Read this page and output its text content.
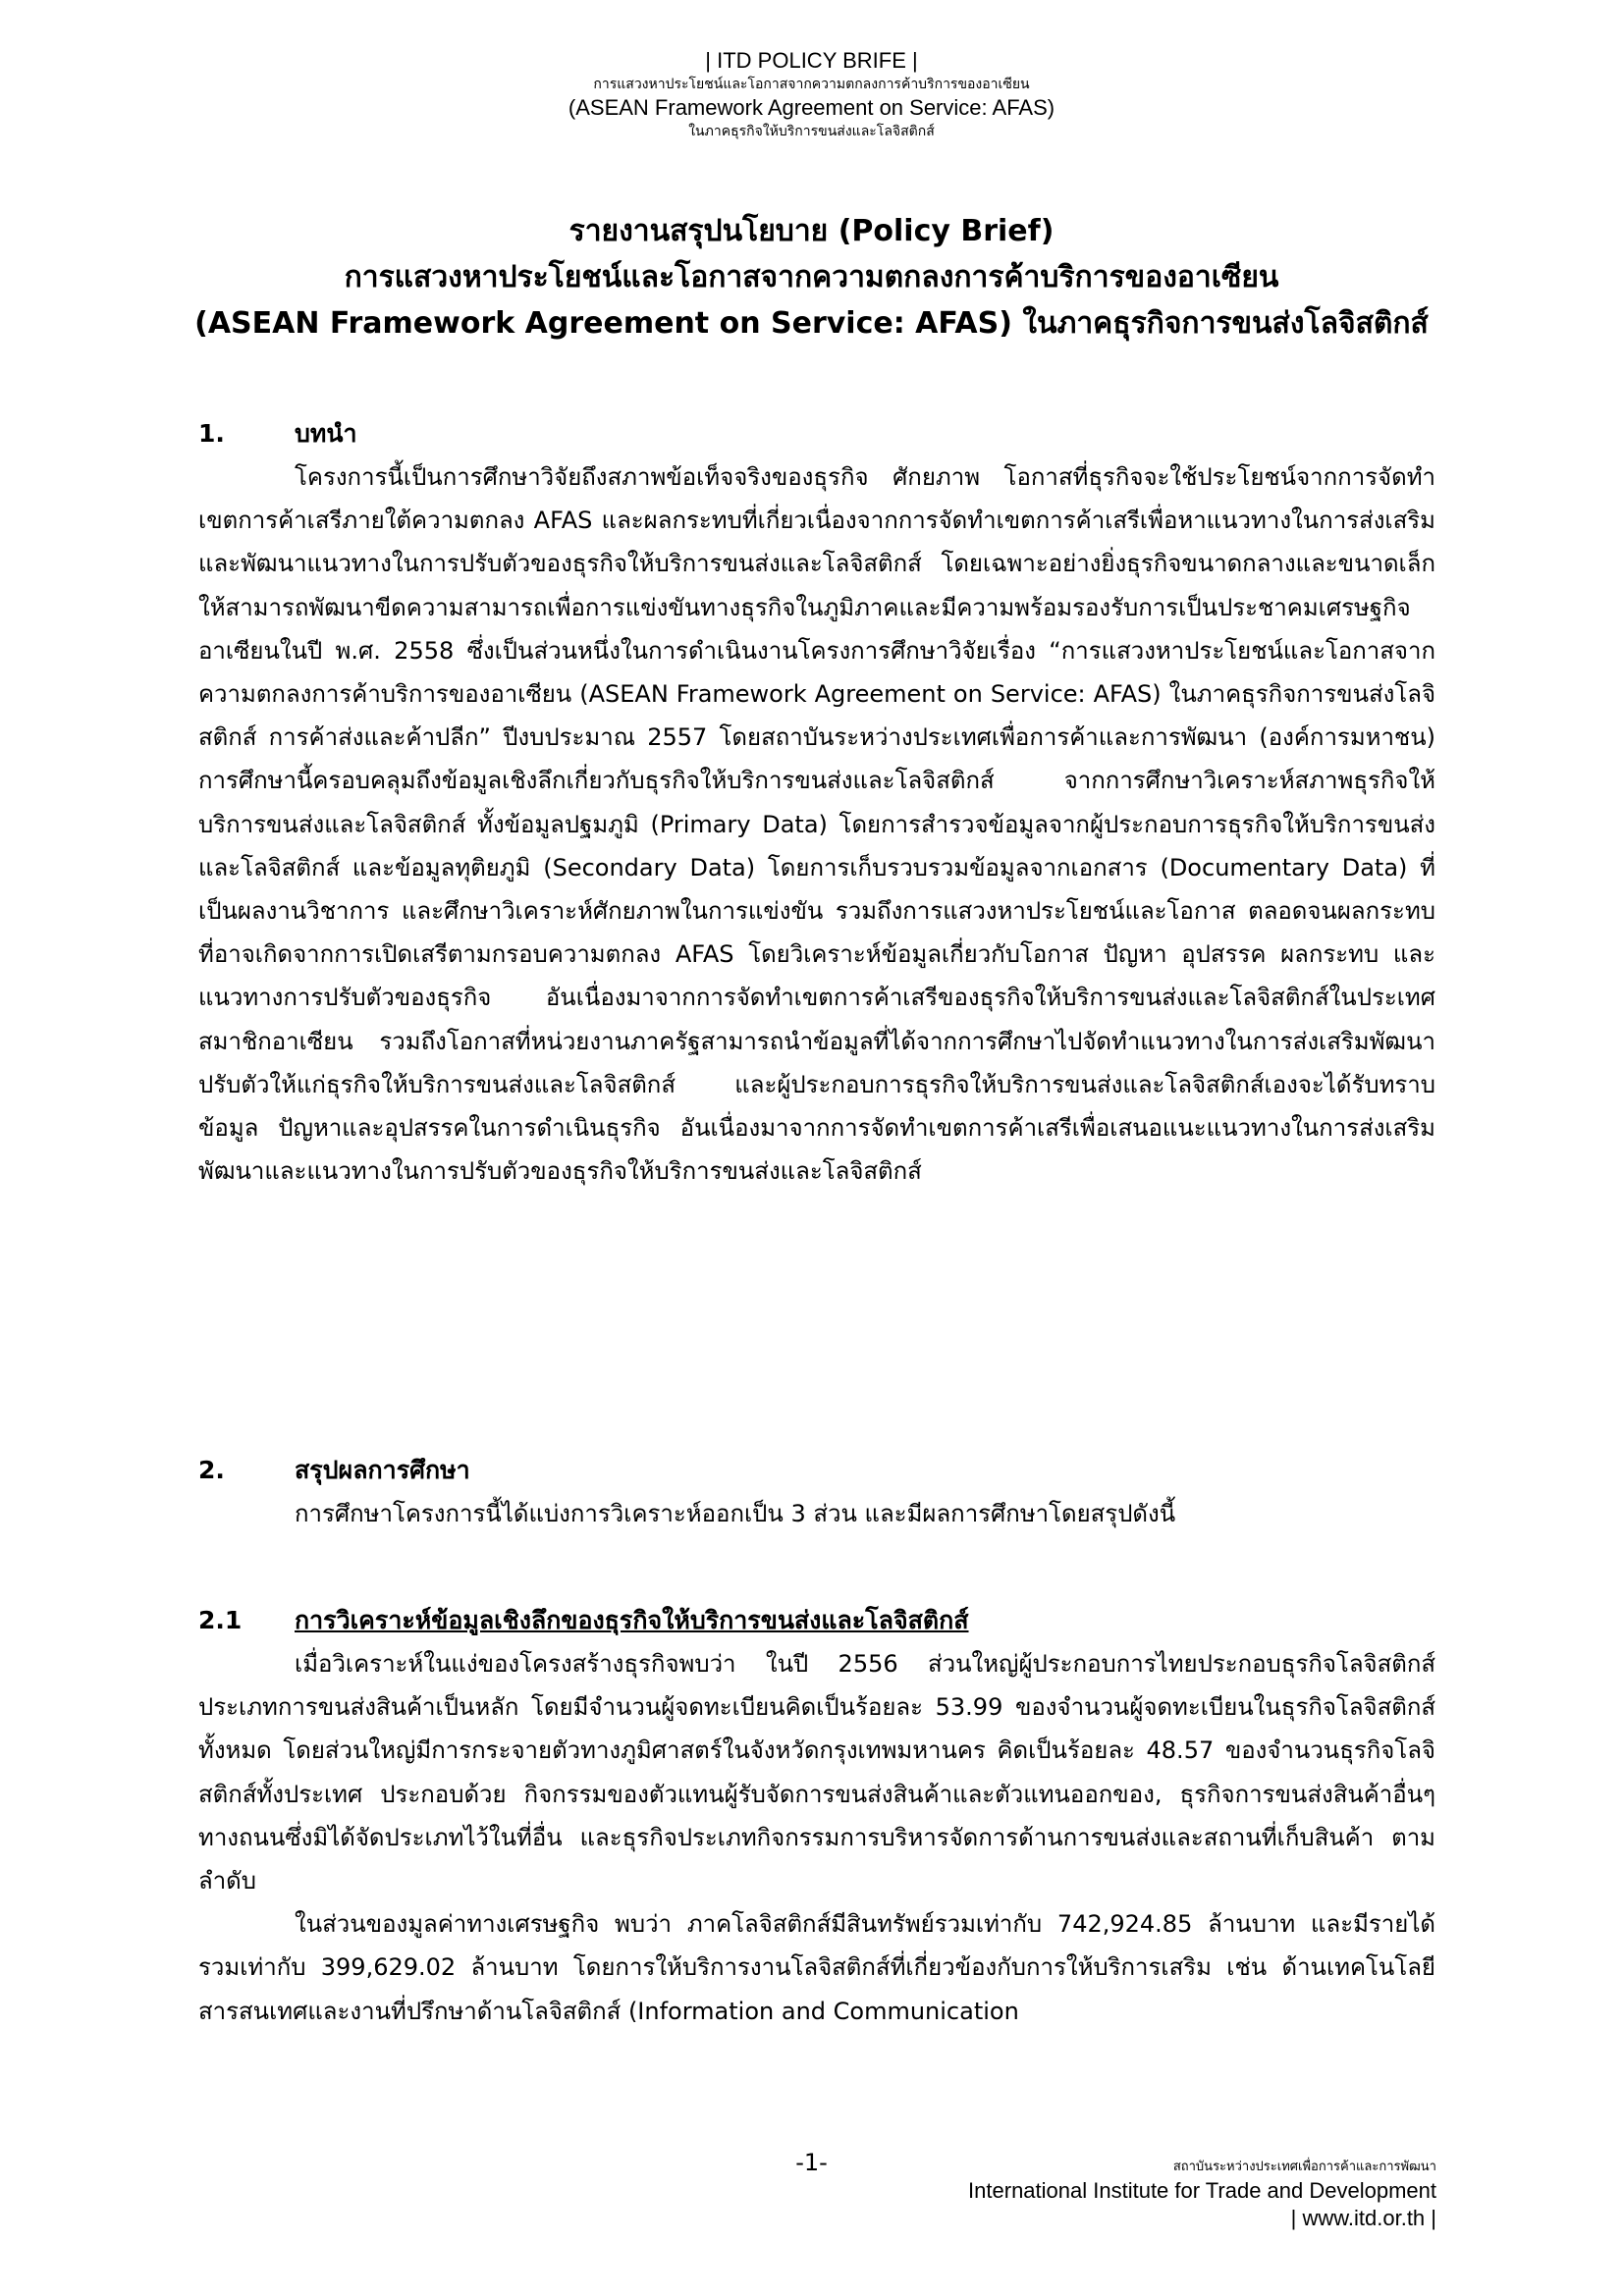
| ITD POLICY BRIFE |
การแสวงหาประโยชน์และโอกาสจากความตกลงการค้าบริการของอาเซียน
(ASEAN Framework Agreement on Service: AFAS)
ในภาคธุรกิจให้บริการขนส่งและโลจิสติกส์
รายงานสรุปนโยบาย (Policy Brief)
การแสวงหาประโยชน์และโอกาสจากความตกลงการค้าบริการของอาเซียน
(ASEAN Framework Agreement on Service: AFAS) ในภาคธุรกิจการขนส่งโลจิสติกส์
1.	บทนำ

โครงการนี้เป็นการศึกษาวิจัยถึงสภาพข้อเท็จจริงของธุรกิจ ศักยภาพ โอกาสที่ธุรกิจจะใช้ประโยชน์จากการจัดทำเขตการค้าเสรีภายใต้ความตกลง AFAS และผลกระทบที่เกี่ยวเนื่องจากการจัดทำเขตการค้าเสรีเพื่อหาแนวทางในการส่งเสริมและพัฒนาแนวทางในการปรับตัวของธุรกิจให้บริการขนส่งและโลจิสติกส์ โดยเฉพาะอย่างยิ่งธุรกิจขนาดกลางและขนาดเล็กให้สามารถพัฒนาขีดความสามารถเพื่อการแข่งขันทางธุรกิจในภูมิภาคและมีความพร้อมรองรับการเป็นประชาคมเศรษฐกิจอาเซียนในปี พ.ศ. 2558 ซึ่งเป็นส่วนหนึ่งในการดำเนินงานโครงการศึกษาวิจัยเรื่อง “การแสวงหาประโยชน์และโอกาสจากความตกลงการค้าบริการของอาเซียน (ASEAN Framework Agreement on Service: AFAS) ในภาคธุรกิจการขนส่งโลจิสติกส์ การค้าส่งและค้าปลีก” ปีงบประมาณ 2557 โดยสถาบันระหว่างประเทศเพื่อการค้าและการพัฒนา (องค์การมหาชน) การศึกษานี้ครอบคลุมถึงข้อมูลเชิงลึกเกี่ยวกับธุรกิจให้บริการขนส่งและโลจิสติกส์ จากการศึกษาวิเคราะห์สภาพธุรกิจให้บริการขนส่งและโลจิสติกส์ ทั้งข้อมูลปฐมภูมิ (Primary Data) โดยการสำรวจข้อมูลจากผู้ประกอบการธุรกิจให้บริการขนส่งและโลจิสติกส์ และข้อมูลทุติยภูมิ (Secondary Data) โดยการเก็บรวบรวมข้อมูลจากเอกสาร (Documentary Data) ที่เป็นผลงานวิชาการ และศึกษาวิเคราะห์ศักยภาพในการแข่งขัน รวมถึงการแสวงหาประโยชน์และโอกาส ตลอดจนผลกระทบที่อาจเกิดจากการเปิดเสรีตามกรอบความตกลง AFAS โดยวิเคราะห์ข้อมูลเกี่ยวกับโอกาส ปัญหา อุปสรรค ผลกระทบ และแนวทางการปรับตัวของธุรกิจ อันเนื่องมาจากการจัดทำเขตการค้าเสรีของธุรกิจให้บริการขนส่งและโลจิสติกส์ในประเทศสมาชิกอาเซียน รวมถึงโอกาสที่หน่วยงานภาครัฐสามารถนำข้อมูลที่ได้จากการศึกษาไปจัดทำแนวทางในการส่งเสริมพัฒนา ปรับตัวให้แก่ธุรกิจให้บริการขนส่งและโลจิสติกส์ และผู้ประกอบการธุรกิจให้บริการขนส่งและโลจิสติกส์เองจะได้รับทราบข้อมูล ปัญหาและอุปสรรคในการดำเนินธุรกิจ อันเนื่องมาจากการจัดทำเขตการค้าเสรีเพื่อเสนอแนะแนวทางในการส่งเสริมพัฒนาและแนวทางในการปรับตัวของธุรกิจให้บริการขนส่งและโลจิสติกส์

2.	สรุปผลการศึกษา

การศึกษาโครงการนี้ได้แบ่งการวิเคราะห์ออกเป็น 3 ส่วน และมีผลการศึกษาโดยสรุปดังนี้

2.1	การวิเคราะห์ข้อมูลเชิงลึกของธุรกิจให้บริการขนส่งและโลจิสติกส์

เมื่อวิเคราะห์ในแง่ของโครงสร้างธุรกิจพบว่า ในปี 2556 ส่วนใหญ่ผู้ประกอบการไทยประกอบธุรกิจโลจิสติกส์ประเภทการขนส่งสินค้าเป็นหลัก โดยมีจำนวนผู้จดทะเบียนคิดเป็นร้อยละ 53.99 ของจำนวนผู้จดทะเบียนในธุรกิจโลจิสติกส์ทั้งหมด โดยส่วนใหญ่มีการกระจายตัวทางภูมิศาสตร์ในจังหวัดกรุงเทพมหานคร คิดเป็นร้อยละ 48.57 ของจำนวนธุรกิจโลจิสติกส์ทั้งประเทศ ประกอบด้วย กิจกรรมของตัวแทนผู้รับจัดการขนส่งสินค้าและตัวแทนออกของ, ธุรกิจการขนส่งสินค้าอื่นๆ ทางถนนซึ่งมิได้จัดประเภทไว้ในที่อื่น และธุรกิจประเภทกิจกรรมการบริหารจัดการด้านการขนส่งและสถานที่เก็บสินค้า ตามลำดับ

ในส่วนของมูลค่าทางเศรษฐกิจ พบว่า ภาคโลจิสติกส์มีสินทรัพย์รวมเท่ากับ 742,924.85 ล้านบาท และมีรายได้รวมเท่ากับ 399,629.02 ล้านบาท โดยการให้บริการงานโลจิสติกส์ที่เกี่ยวข้องกับการให้บริการเสริม เช่น ด้านเทคโนโลยีสารสนเทศและงานที่ปรึกษาด้านโลจิสติกส์ (Information and Communication

-1-	สถาบันระหว่างประเทศเพื่อการค้าและการพัฒนา
International Institute for Trade and Development
| www.itd.or.th |
